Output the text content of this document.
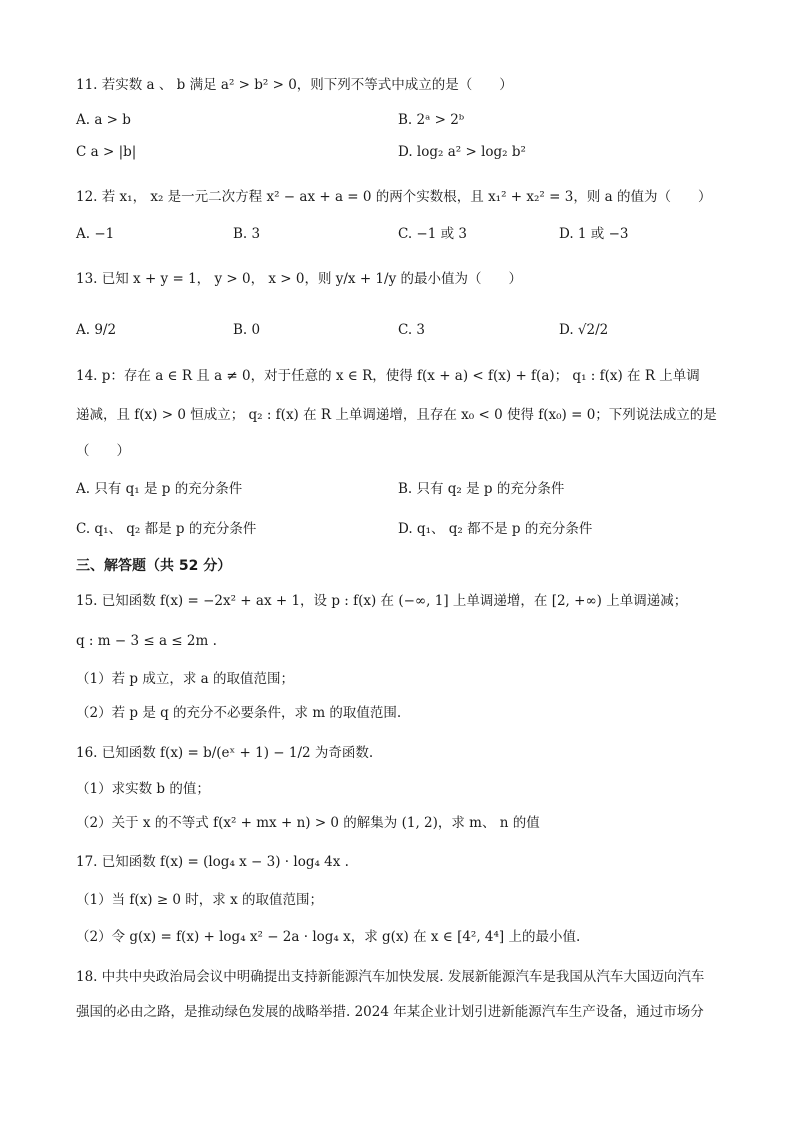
11. 若实数 a 、 b 满足 a² > b² > 0，则下列不等式中成立的是（　　）
A. a > b	B. 2ᵃ > 2ᵇ
C a > |b|	D. log₂ a² > log₂ b²
12. 若 x₁， x₂ 是一元二次方程 x² − ax + a = 0 的两个实数根，且 x₁² + x₂² = 3，则 a 的值为（　　）
A. −1	B. 3	C. −1 或 3	D. 1 或 −3
13. 已知 x + y = 1， y > 0， x > 0，则 y/x + 1/y 的最小值为（　　）
A. 9/2	B. 0	C. 3	D. √2/2
14. p：存在 a ∈ R 且 a ≠ 0，对于任意的 x ∈ R，使得 f(x + a) < f(x) + f(a)； q₁ : f(x) 在 R 上单调
递减，且 f(x) > 0 恒成立； q₂ : f(x) 在 R 上单调递增，且存在 x₀ < 0 使得 f(x₀) = 0；下列说法成立的是
（　　）
A. 只有 q₁ 是 p 的充分条件	B. 只有 q₂ 是 p 的充分条件
C. q₁、 q₂ 都是 p 的充分条件	D. q₁、 q₂ 都不是 p 的充分条件
三、解答题（共 52 分）
15. 已知函数 f(x) = −2x² + ax + 1，设 p : f(x) 在 (−∞, 1] 上单调递增，在 [2, +∞) 上单调递减；
q : m − 3 ≤ a ≤ 2m .
（1）若 p 成立，求 a 的取值范围；
（2）若 p 是 q 的充分不必要条件，求 m 的取值范围.
16. 已知函数 f(x) = b/(eˣ + 1) − 1/2 为奇函数.
（1）求实数 b 的值；
（2）关于 x 的不等式 f(x² + mx + n) > 0 的解集为 (1, 2)，求 m、 n 的值
17. 已知函数 f(x) = (log₄ x − 3) · log₄ 4x .
（1）当 f(x) ≥ 0 时，求 x 的取值范围；
（2）令 g(x) = f(x) + log₄ x² − 2a · log₄ x，求 g(x) 在 x ∈ [4², 4⁴] 上的最小值.
18. 中共中央政治局会议中明确提出支持新能源汽车加快发展. 发展新能源汽车是我国从汽车大国迈向汽车
强国的必由之路，是推动绿色发展的战略举措. 2024 年某企业计划引进新能源汽车生产设备，通过市场分
